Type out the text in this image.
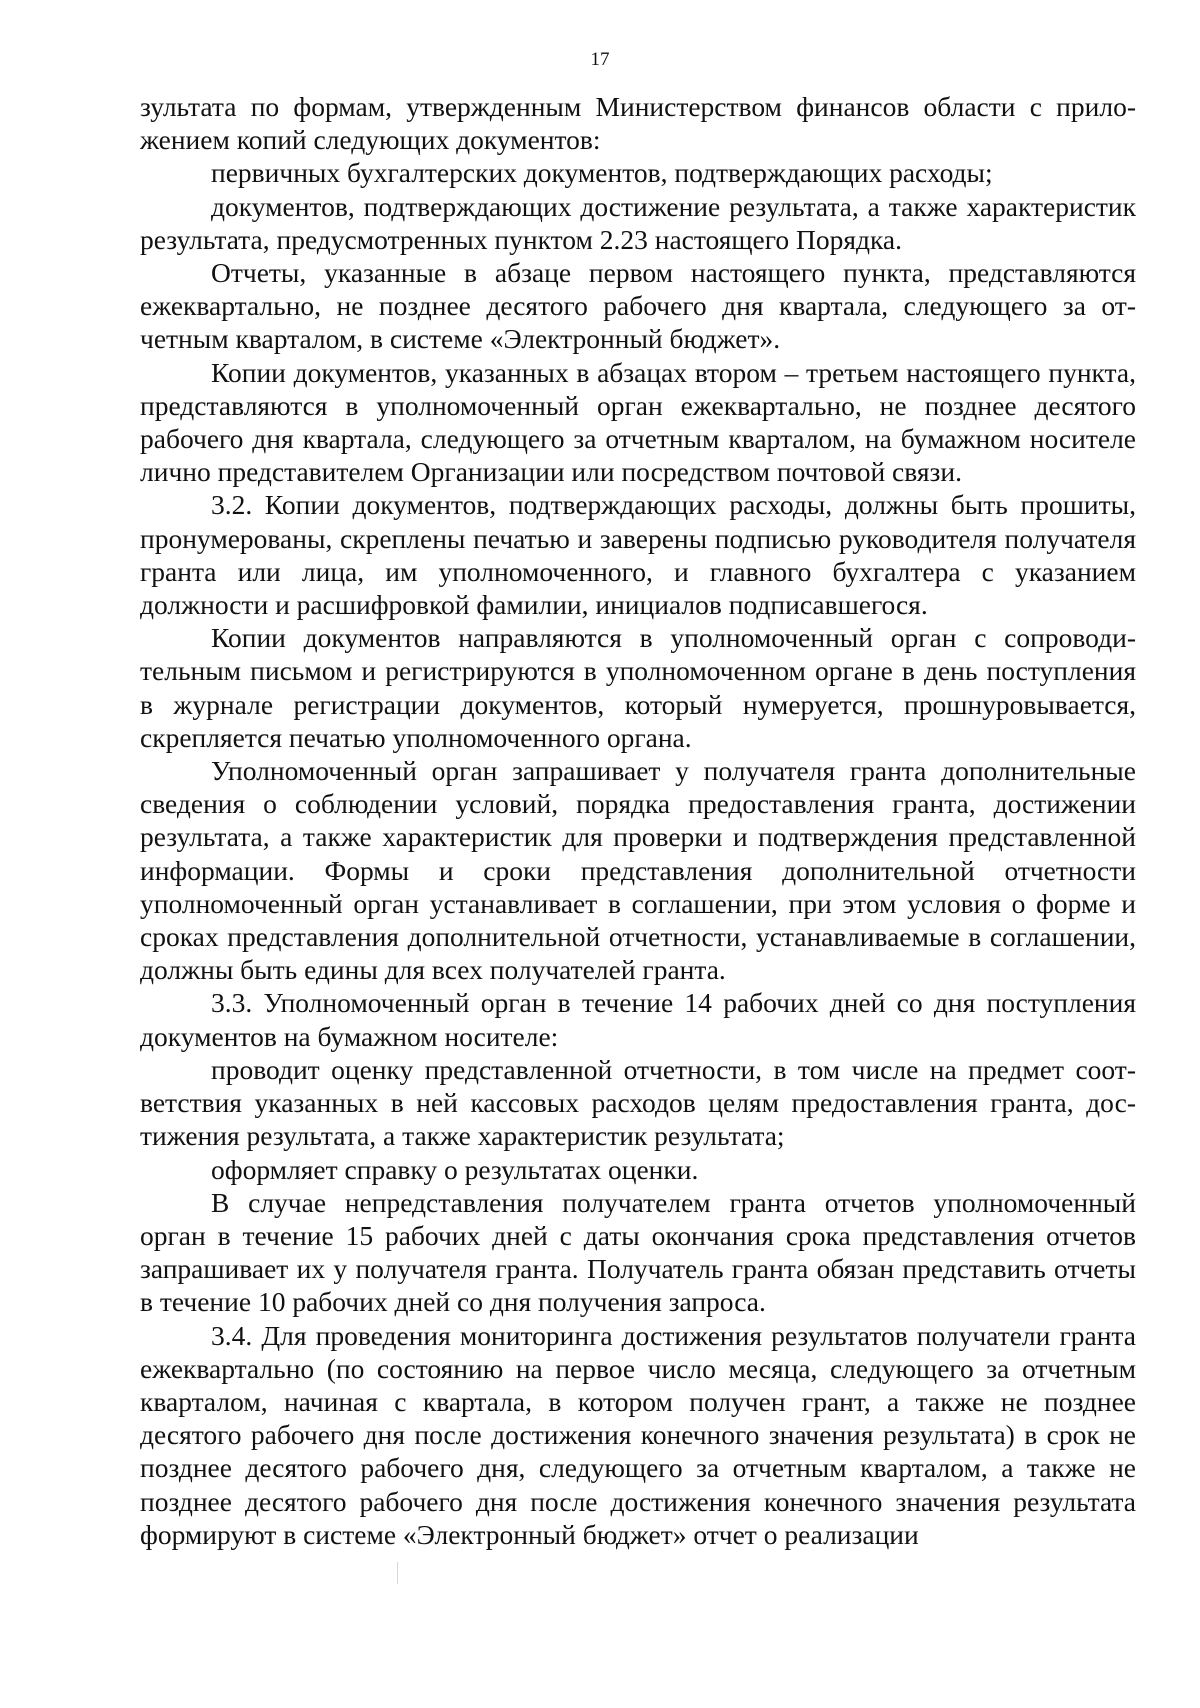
17

зультата по формам, утвержденным Министерством финансов области с приложением копий следующих документов:

первичных бухгалтерских документов, подтверждающих расходы;

документов, подтверждающих достижение результата, а также характеристик результата, предусмотренных пунктом 2.23 настоящего Порядка.

Отчеты, указанные в абзаце первом настоящего пункта, представляются ежеквартально, не позднее десятого рабочего дня квартала, следующего за отчетным кварталом, в системе «Электронный бюджет».

Копии документов, указанных в абзацах втором – третьем настоящего пункта, представляются в уполномоченный орган ежеквартально, не позднее десятого рабочего дня квартала, следующего за отчетным кварталом, на бумажном носителе лично представителем Организации или посредством почтовой связи.

3.2. Копии документов, подтверждающих расходы, должны быть прошиты, пронумерованы, скреплены печатью и заверены подписью руководителя получателя гранта или лица, им уполномоченного, и главного бухгалтера с указанием должности и расшифровкой фамилии, инициалов подписавшегося.

Копии документов направляются в уполномоченный орган с сопроводительным письмом и регистрируются в уполномоченном органе в день поступления в журнале регистрации документов, который нумеруется, прошнуровывается, скрепляется печатью уполномоченного органа.

Уполномоченный орган запрашивает у получателя гранта дополнительные сведения о соблюдении условий, порядка предоставления гранта, достижении результата, а также характеристик для проверки и подтверждения представленной информации. Формы и сроки представления дополнительной отчетности уполномоченный орган устанавливает в соглашении, при этом условия о форме и сроках представления дополнительной отчетности, устанавливаемые в соглашении, должны быть едины для всех получателей гранта.

3.3. Уполномоченный орган в течение 14 рабочих дней со дня поступления документов на бумажном носителе:

проводит оценку представленной отчетности, в том числе на предмет соответствия указанных в ней кассовых расходов целям предоставления гранта, достижения результата, а также характеристик результата;

оформляет справку о результатах оценки.

В случае непредставления получателем гранта отчетов уполномоченный орган в течение 15 рабочих дней с даты окончания срока представления отчетов запрашивает их у получателя гранта. Получатель гранта обязан представить отчеты в течение 10 рабочих дней со дня получения запроса.

3.4. Для проведения мониторинга достижения результатов получатели гранта ежеквартально (по состоянию на первое число месяца, следующего за отчетным кварталом, начиная с квартала, в котором получен грант, а также не позднее десятого рабочего дня после достижения конечного значения результата) в срок не позднее десятого рабочего дня, следующего за отчетным кварталом, а также не позднее десятого рабочего дня после достижения конечного значения результата формируют в системе «Электронный бюджет» отчет о реализации
